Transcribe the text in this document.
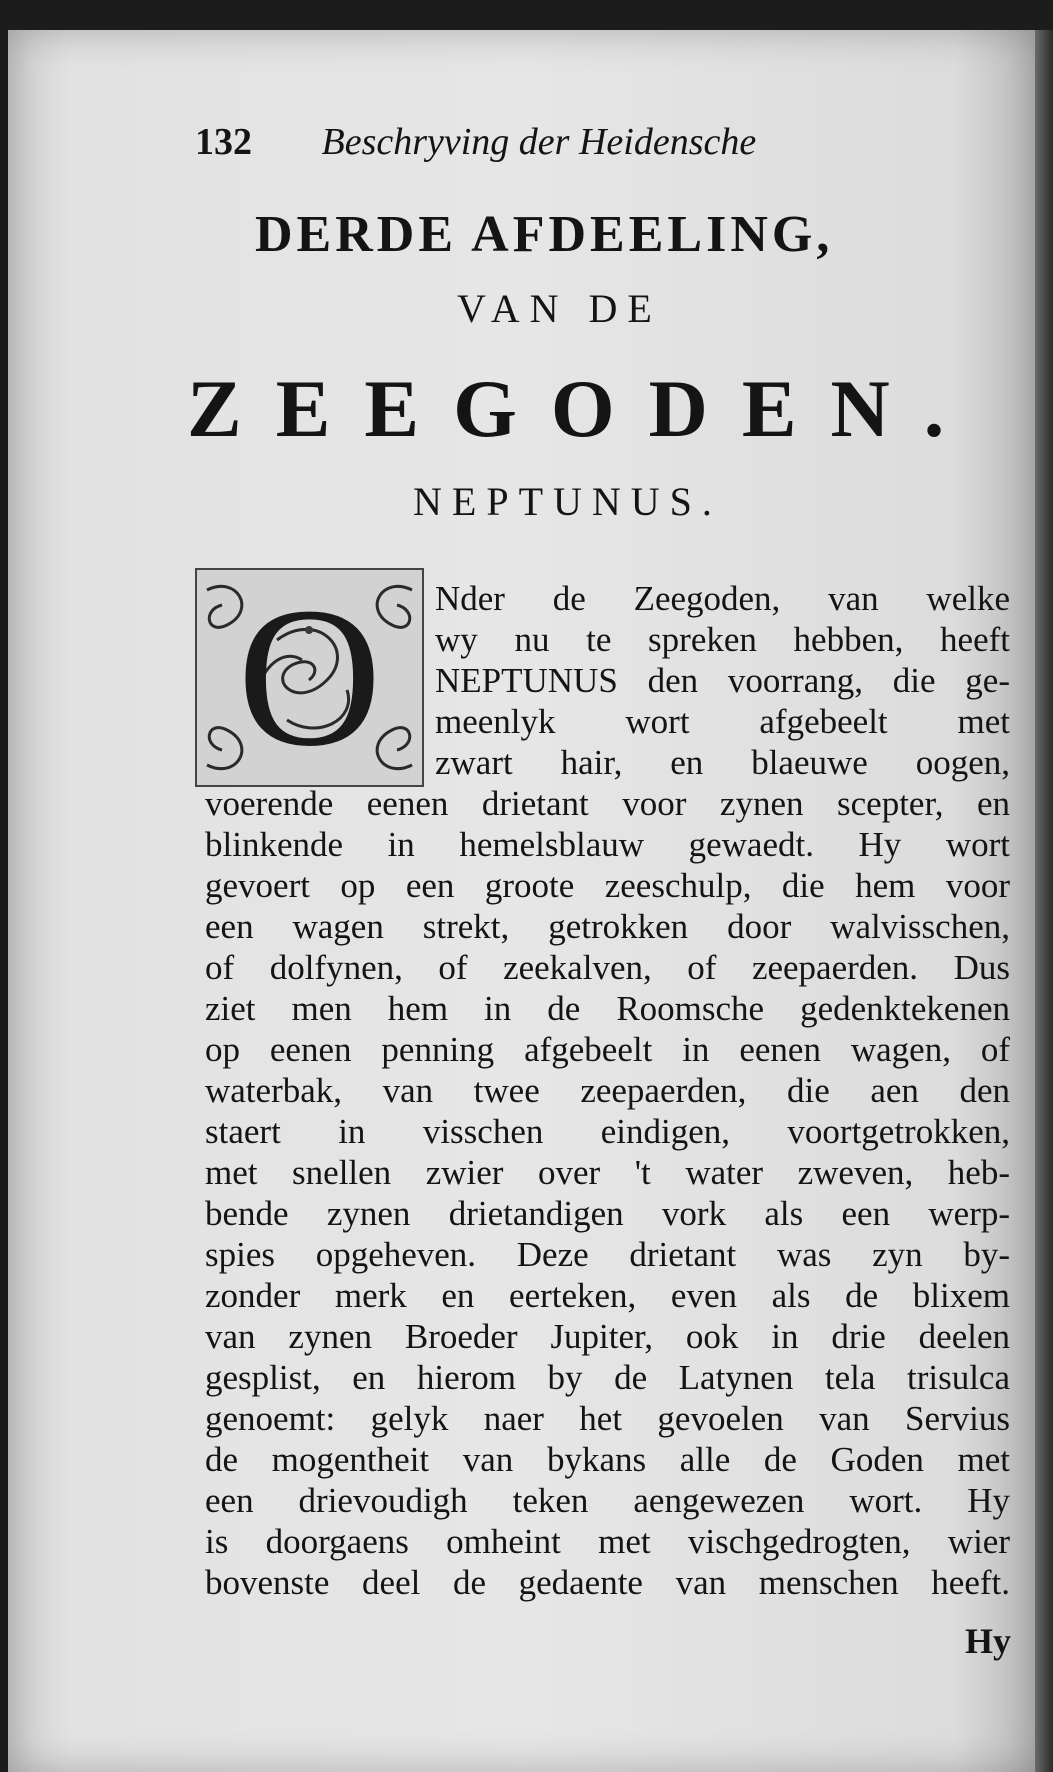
132 Beschryving der Heidensche
DERDE AFDEELING,
VAN DE
ZEEGODEN.
NEPTUNUS.
O Nder de Zeegoden, van welke
wy nu te spreken hebben, heeft
NEPTUNUS den voorrang, die ge-
meenlyk wort afgebeelt met
zwart hair, en blaeuwe oogen,
voerende eenen drietant voor zynen scepter, en
blinkende in hemelsblauw gewaedt. Hy wort
gevoert op een groote zeeschulp, die hem voor
een wagen strekt, getrokken door walvisschen,
of dolfynen, of zeekalven, of zeepaerden. Dus
ziet men hem in de Roomsche gedenktekenen
op eenen penning afgebeelt in eenen wagen, of
waterbak, van twee zeepaerden, die aen den
staert in visschen eindigen, voortgetrokken,
met snellen zwier over 't water zweven, heb-
bende zynen drietandigen vork als een werp-
spies opgeheven. Deze drietant was zyn by-
zonder merk en eerteken, even als de blixem
van zynen Broeder Jupiter, ook in drie deelen
gesplist, en hierom by de Latynen tela trisulca
genoemt: gelyk naer het gevoelen van Servius
de mogentheit van bykans alle de Goden met
een drievoudigh teken aengewezen wort. Hy
is doorgaens omheint met vischgedrogten, wier
bovenste deel de gedaente van menschen heeft.
Hy
